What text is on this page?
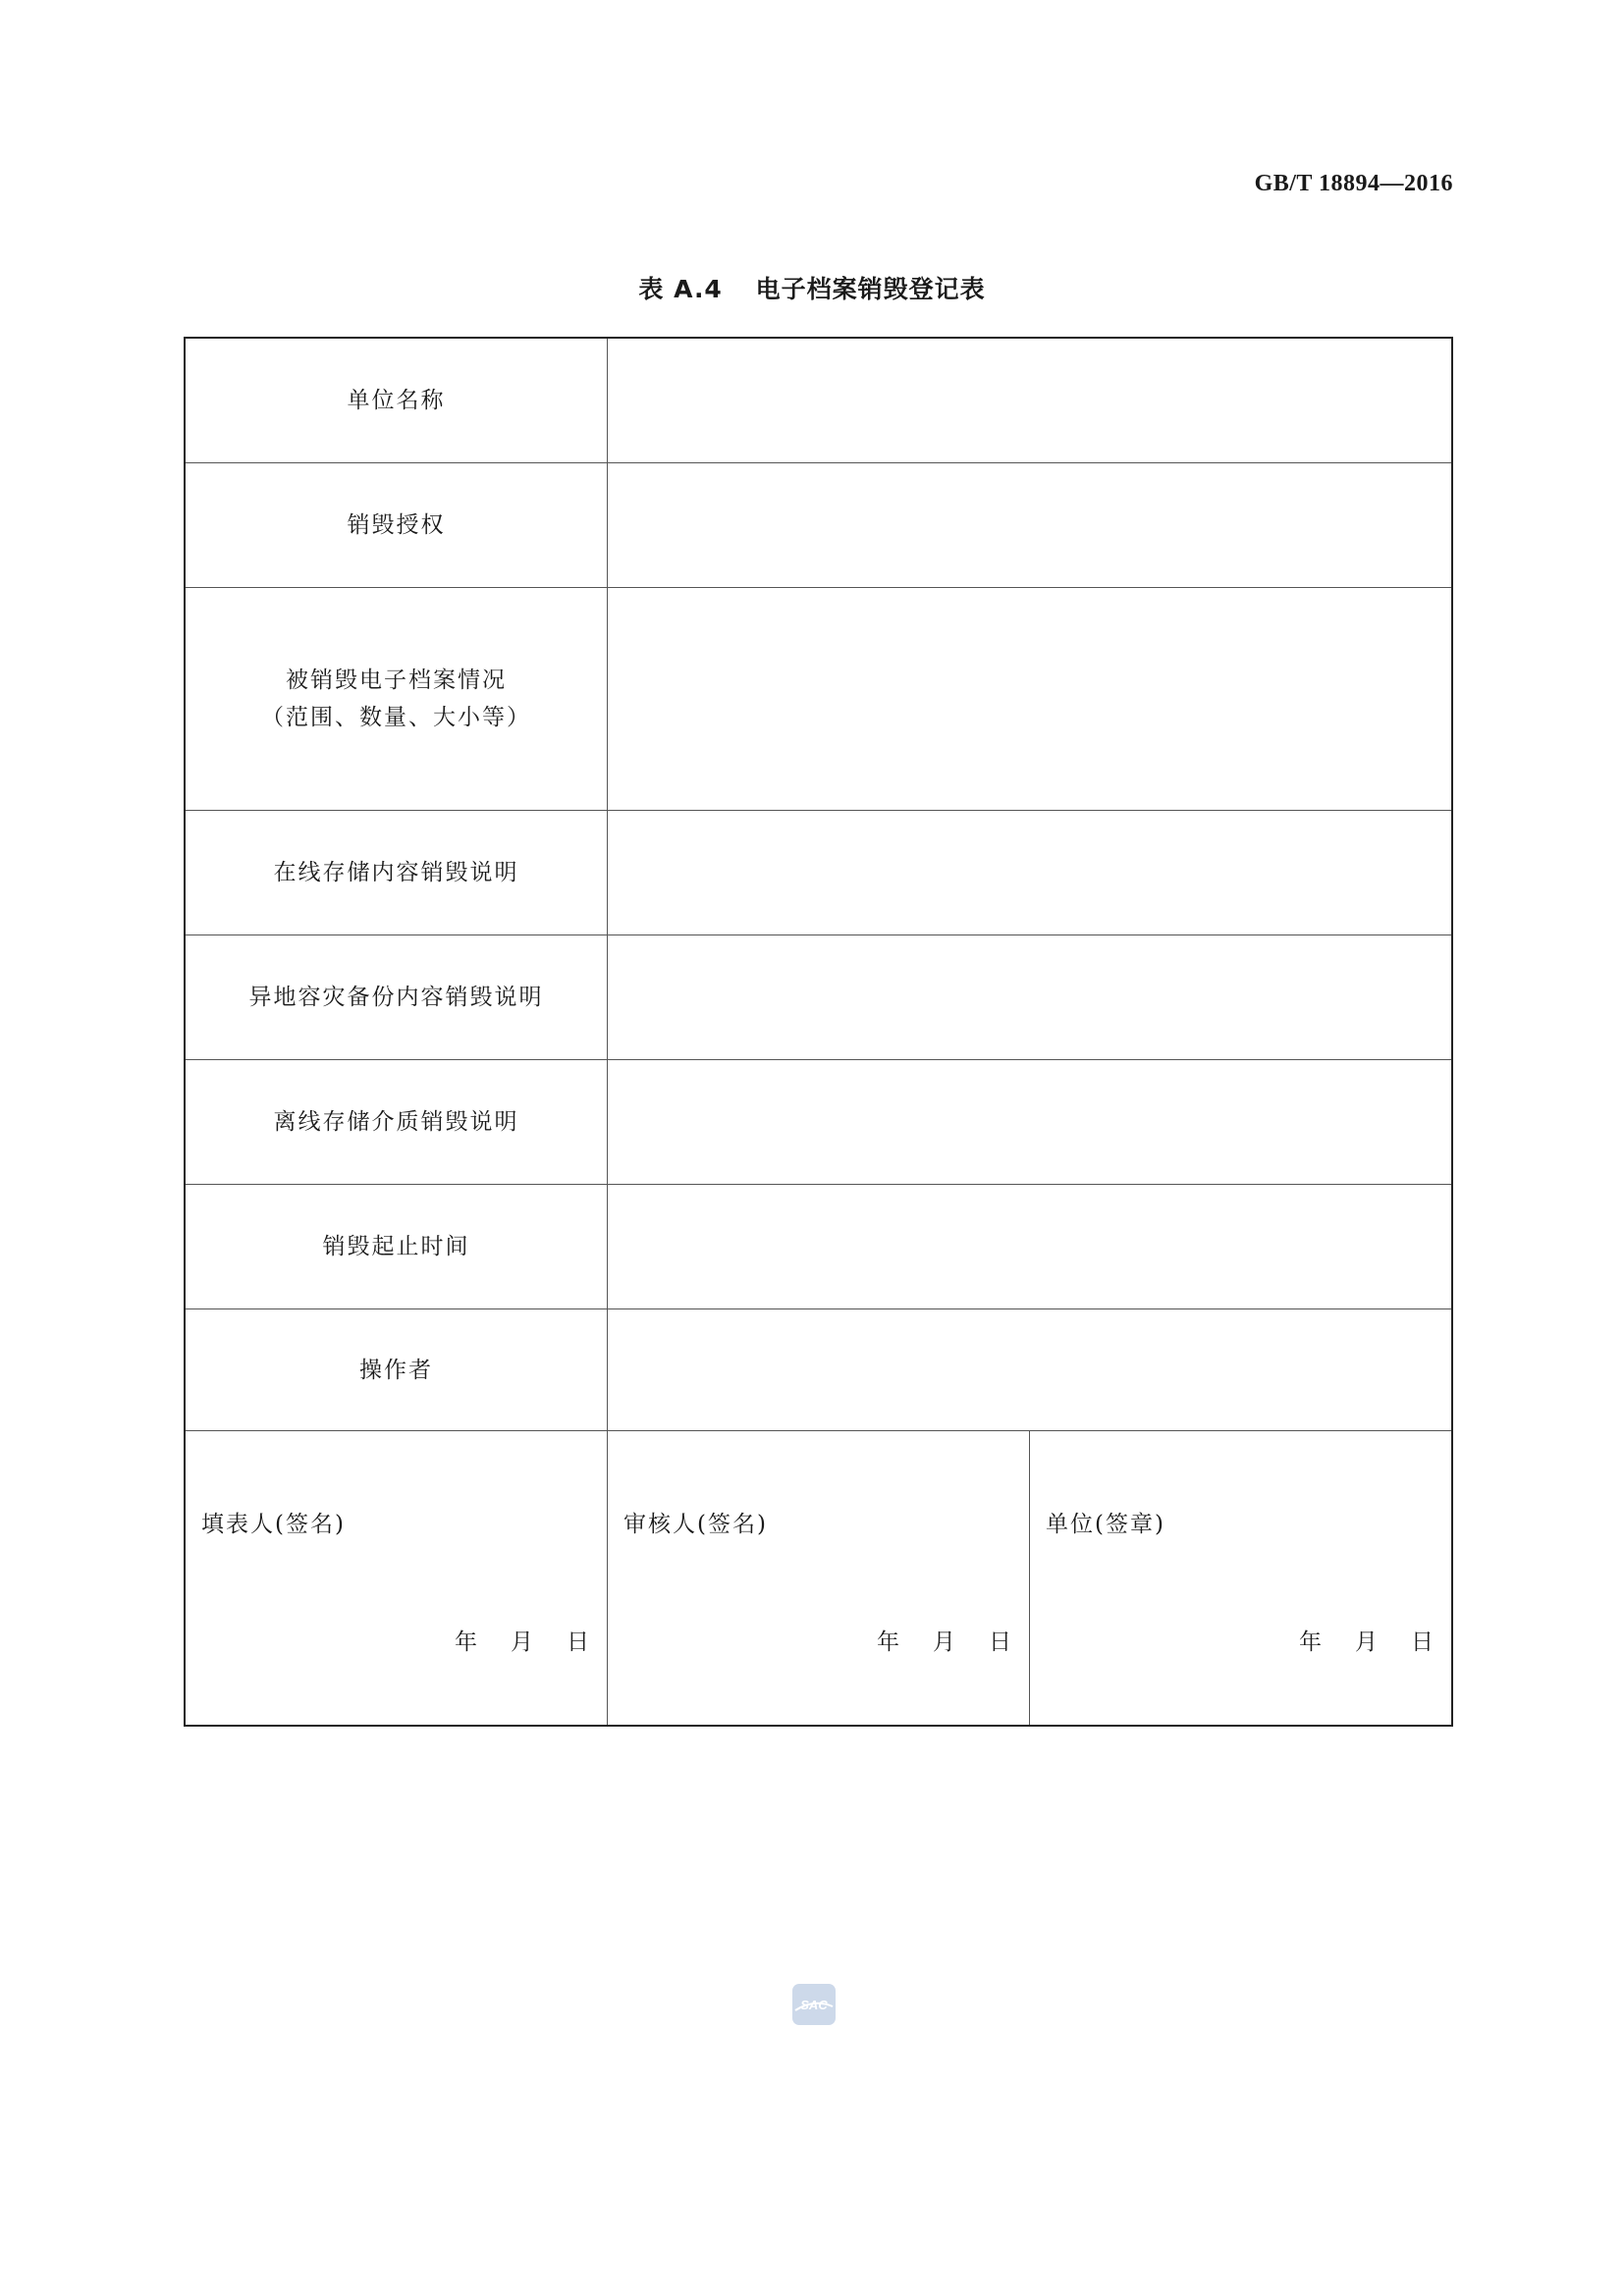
GB/T 18894—2016
表 A.4 电子档案销毁登记表
单位名称
销毁授权
被销毁电子档案情况
（范围、数量、大小等）
在线存储内容销毁说明
异地容灾备份内容销毁说明
离线存储介质销毁说明
销毁起止时间
操作者
填表人(签名)
年 月 日
审核人(签名)
年 月 日
单位(签章)
年 月 日
SAC
